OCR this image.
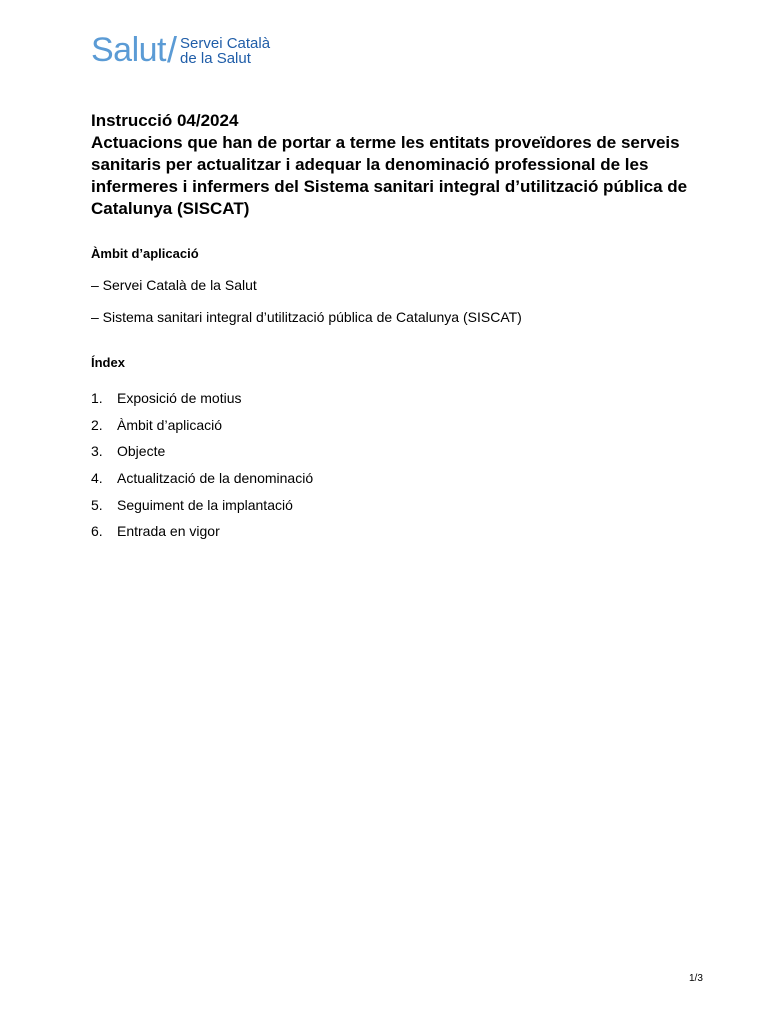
Salut / Servei Català
de la Salut
Instrucció 04/2024
Actuacions que han de portar a terme les entitats proveïdores de serveis sanitaris per actualitzar i adequar la denominació professional de les infermeres i infermers del Sistema sanitari integral d’utilització pública de Catalunya (SISCAT)
Àmbit d’aplicació
– Servei Català de la Salut
– Sistema sanitari integral d’utilització pública de Catalunya (SISCAT)
Índex
1.	Exposició de motius
2.	Àmbit d’aplicació
3.	Objecte
4.	Actualització de la denominació
5.	Seguiment de la implantació
6.	Entrada en vigor
1/3
